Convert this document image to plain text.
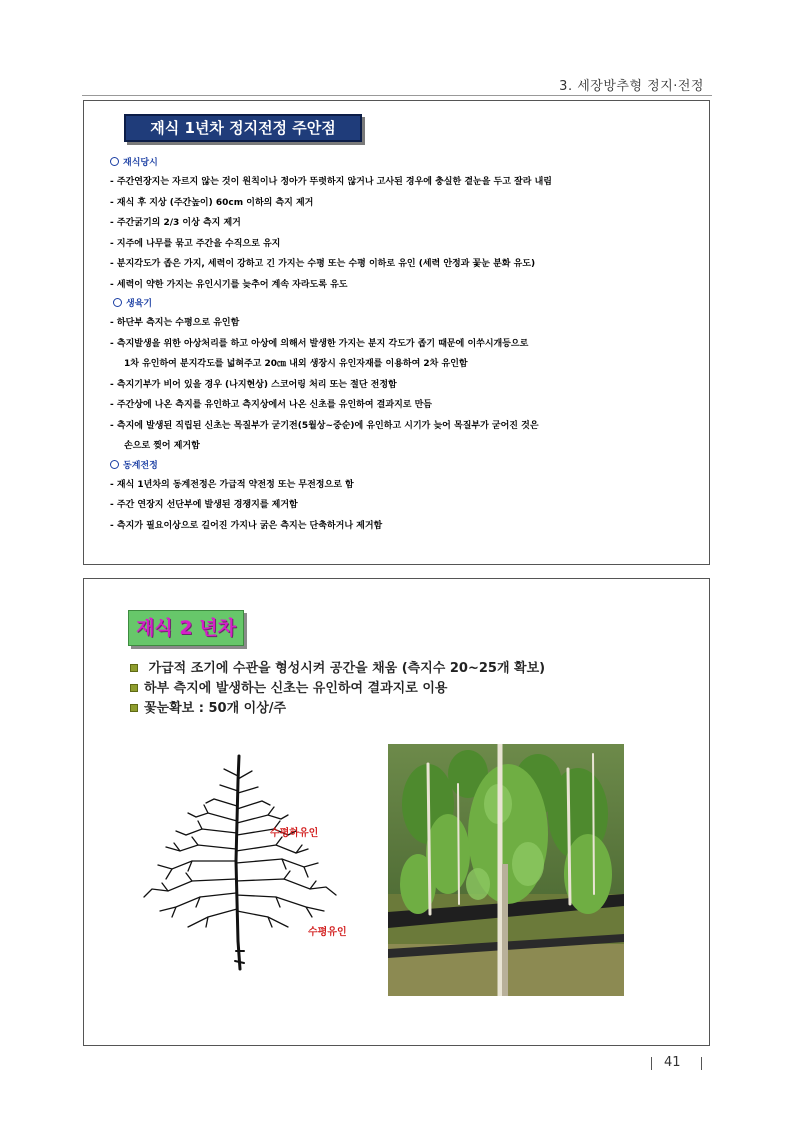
3. 세장방추형 정지·전정
재식 1년차 정지전정 주안점
재식당시
- 주간연장지는 자르지 않는 것이 원칙이나 정아가 뚜렷하지 않거나 고사된 경우에 충실한 곁눈을 두고 잘라 내림
- 재식 후 지상 (주간높이) 60cm 이하의 측지 제거
- 주간굵기의 2/3 이상 측지 제거
- 지주에 나무를 묶고 주간을 수직으로 유지
- 분지각도가 좁은 가지, 세력이 강하고 긴 가지는 수평 또는 수평 이하로 유인 (세력 안정과 꽃눈 분화 유도)
- 세력이 약한 가지는 유인시기를 늦추어 계속 자라도록 유도
생육기
- 하단부 측지는 수평으로 유인함
- 측지발생을 위한 아상처리를 하고 아상에 의해서 발생한 가지는 분지 각도가 좁기 때문에 이쑤시개등으로
1차 유인하여 분지각도를 넓혀주고 20㎝ 내외 생장시 유인자재를 이용하여 2차 유인함
- 측지기부가 비어 있을 경우 (나지현상) 스코어링 처리 또는 절단 전정함
- 주간상에 나온 측지를 유인하고 측지상에서 나온 신초를 유인하여 결과지로 만듬
- 측지에 발생된 직립된 신초는 목질부가 굳기전(5월상~중순)에 유인하고 시기가 늦어 목질부가 굳어진 것은
손으로 찢어 제거함
동계전정
- 재식 1년차의 동계전정은 가급적 약전정 또는 무전정으로 함
- 주간 연장지 선단부에 발생된 경쟁지를 제거함
- 측지가 필요이상으로 길어진 가지나 굵은 측지는 단축하거나 제거함
재식 2 년차
가급적 조기에 수관을 형성시켜 공간을 채움 (측지수 20~25개 확보)
하부 측지에 발생하는 신초는 유인하여 결과지로 이용
꽃눈확보 : 50개 이상/주
수평하유인
수평유인
41
